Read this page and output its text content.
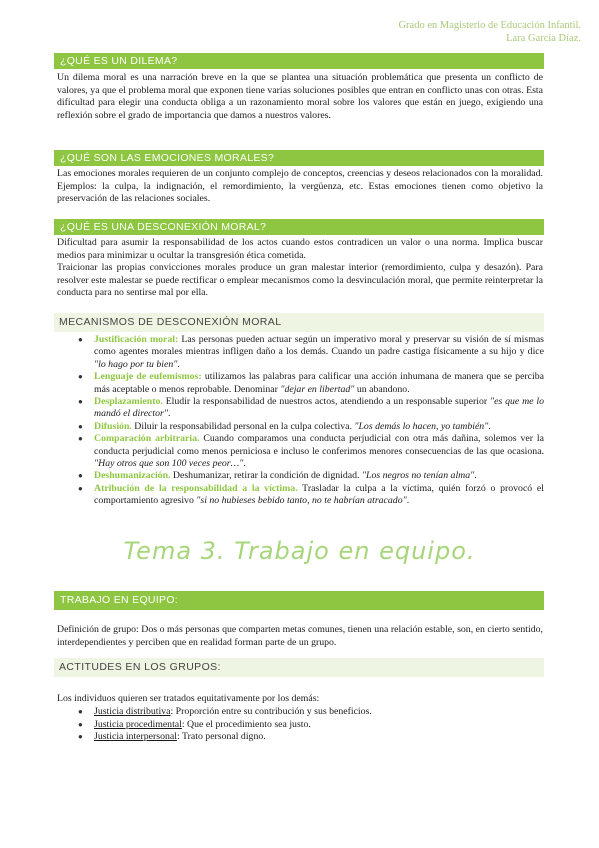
Grado en Magisterio de Educación Infantil.
Lara García Díaz.
¿QUÉ ES UN DILEMA?

Un dilema moral es una narración breve en la que se plantea una situación problemática que presenta un conflicto de valores, ya que el problema moral que exponen tiene varias soluciones posibles que entran en conflicto unas con otras. Esta dificultad para elegir una conducta obliga a un razonamiento moral sobre los valores que están en juego, exigiendo una reflexión sobre el grado de importancia que damos a nuestros valores.

¿QUÉ SON LAS EMOCIONES MORALES?

Las emociones morales requieren de un conjunto complejo de conceptos, creencias y deseos relacionados con la moralidad. Ejemplos: la culpa, la indignación, el remordimiento, la vergüenza, etc. Estas emociones tienen como objetivo la preservación de las relaciones sociales.

¿QUÉ ES UNA DESCONEXIÓN MORAL?

Dificultad para asumir la responsabilidad de los actos cuando estos contradicen un valor o una norma. Implica buscar medios para minimizar u ocultar la transgresión ética cometida.

Traicionar las propias convicciones morales produce un gran malestar interior (remordimiento, culpa y desazón). Para resolver este malestar se puede rectificar o emplear mecanismos como la desvinculación moral, que permite reinterpretar la conducta para no sentirse mal por ella.

MECANISMOS DE DESCONEXIÓN MORAL
● Justificación moral: Las personas pueden actuar según un imperativo moral y preservar su visión de sí mismas como agentes morales mientras infligen daño a los demás. Cuando un padre castiga físicamente a su hijo y dice "lo hago por tu bien".
● Lenguaje de eufemismos: utilizamos las palabras para calificar una acción inhumana de manera que se perciba más aceptable o menos reprobable. Denominar "dejar en libertad" un abandono.
● Desplazamiento. Eludir la responsabilidad de nuestros actos, atendiendo a un responsable superior "es que me lo mandó el director".
● Difusión. Diluir la responsabilidad personal en la culpa colectiva. "Los demás lo hacen, yo también".
● Comparación arbitraria. Cuando comparamos una conducta perjudicial con otra más dañina, solemos ver la conducta perjudicial como menos perniciosa e incluso le conferimos menores consecuencias de las que ocasiona. "Hay otros que son 100 veces peor…".
● Deshumanización. Deshumanizar, retirar la condición de dignidad. "Los negros no tenían alma".
● Atribución de la responsabilidad a la víctima. Trasladar la culpa a la víctima, quién forzó o provocó el comportamiento agresivo "si no hubieses bebido tanto, no te habrían atracado".
Tema 3. Trabajo en equipo.
TRABAJO EN EQUIPO:

Definición de grupo: Dos o más personas que comparten metas comunes, tienen una relación estable, son, en cierto sentido, interdependientes y perciben que en realidad forman parte de un grupo.

ACTITUDES EN LOS GRUPOS:

Los individuos quieren ser tratados equitativamente por los demás:

● Justicia distributiva: Proporción entre su contribución y sus beneficios.
● Justicia procedimental: Que el procedimiento sea justo.
● Justicia interpersonal: Trato personal digno.
